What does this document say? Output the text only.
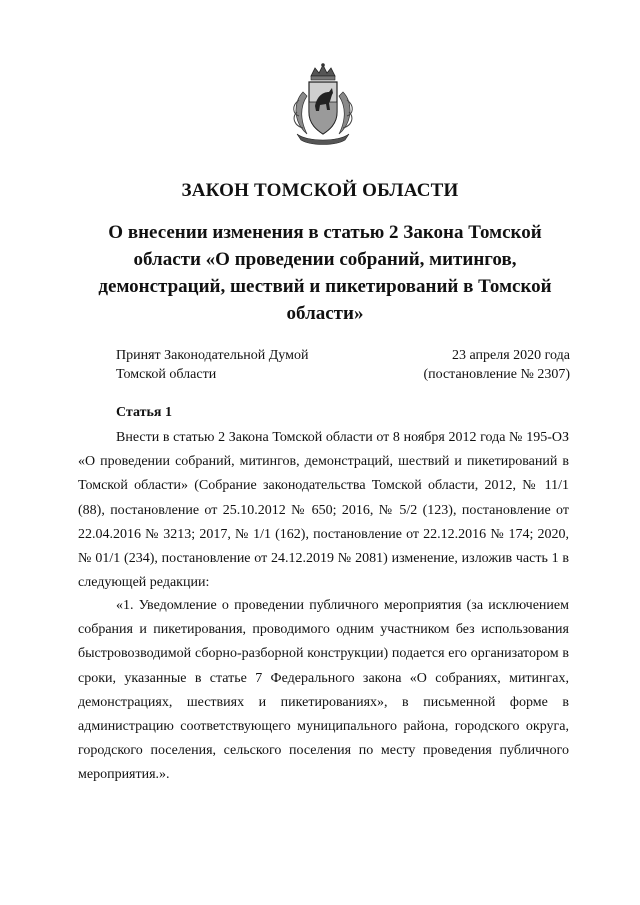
ЗАКОН ТОМСКОЙ ОБЛАСТИ
О внесении изменения в статью 2 Закона Томской области «О проведении собраний, митингов, демонстраций, шествий и пикетирований в Томской области»
Принят Законодательной Думой
Томской области
23 апреля 2020 года
(постановление № 2307)
Статья 1

Внести в статью 2 Закона Томской области от 8 ноября 2012 года № 195-ОЗ «О проведении собраний, митингов, демонстраций, шествий и пикетирований в Томской области» (Собрание законодательства Томской области, 2012, № 11/1 (88), постановление от 25.10.2012 № 650; 2016, № 5/2 (123), постановление от 22.04.2016 № 3213; 2017, № 1/1 (162), постановление от 22.12.2016 № 174; 2020, № 01/1 (234), постановление от 24.12.2019 № 2081) изменение, изложив часть 1 в следующей редакции:

«1. Уведомление о проведении публичного мероприятия (за исключением собрания и пикетирования, проводимого одним участником без использования быстровозводимой сборно-разборной конструкции) подается его организатором в сроки, указанные в статье 7 Федерального закона «О собраниях, митингах, демонстрациях, шествиях и пикетированиях», в письменной форме в администрацию соответствующего муниципального района, городского округа, городского поселения, сельского поселения по месту проведения публичного мероприятия.».
